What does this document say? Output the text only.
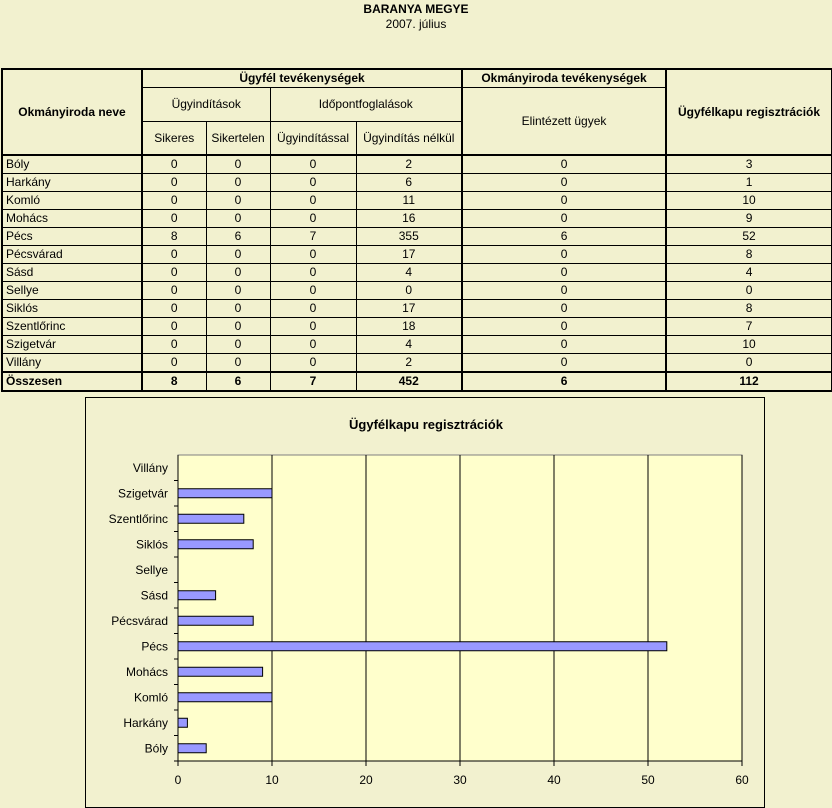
BARANYA MEGYE
2007. július
Okmányiroda neve	Ügyfél tevékenységek				Okmányiroda tevékenységek	Ügyfélkapu regisztrációk
	Ügyindítások		Időpontfoglalások		Elintézett ügyek	
	Sikeres	Sikertelen	Ügyindítással	Ügyindítás nélkül		
Bóly	0	0	0	2	0	3
Harkány	0	0	0	6	0	1
Komló	0	0	0	11	0	10
Mohács	0	0	0	16	0	9
Pécs	8	6	7	355	6	52
Pécsvárad	0	0	0	17	0	8
Sásd	0	0	0	4	0	4
Sellye	0	0	0	0	0	0
Siklós	0	0	0	17	0	8
Szentlőrinc	0	0	0	18	0	7
Szigetvár	0	0	0	4	0	10
Villány	0	0	0	2	0	0
Összesen	8	6	7	452	6	112
Ügyfélkapu regisztrációk
0	10	20	30	40	50	60
Bóly
Harkány
Komló
Mohács
Pécs
Pécsvárad
Sásd
Sellye
Siklós
Szentlőrinc
Szigetvár
Villány
